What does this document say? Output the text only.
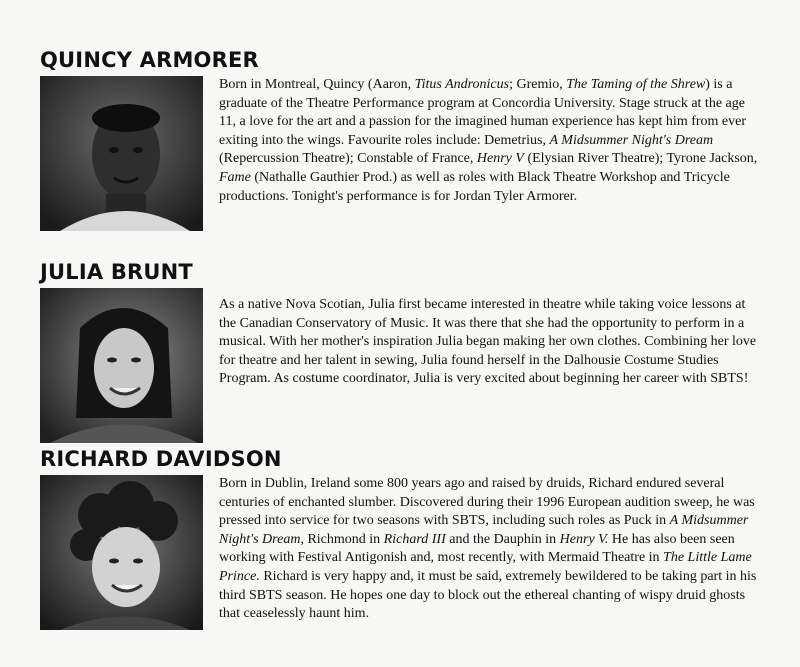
QUINCY ARMORER

Born in Montreal, Quincy (Aaron, Titus Andronicus; Gremio, The Taming of the Shrew) is a graduate of the Theatre Performance program at Concordia University. Stage struck at the age 11, a love for the art and a passion for the imagined human experience has kept him from ever exiting into the wings. Favourite roles include: Demetrius, A Midsummer Night's Dream (Repercussion Theatre); Constable of France, Henry V (Elysian River Theatre); Tyrone Jackson, Fame (Nathalle Gauthier Prod.) as well as roles with Black Theatre Workshop and Tricycle productions. Tonight's performance is for Jordan Tyler Armorer.

JULIA BRUNT

As a native Nova Scotian, Julia first became interested in theatre while taking voice lessons at the Canadian Conservatory of Music. It was there that she had the opportunity to perform in a musical. With her mother's inspiration Julia began making her own clothes. Combining her love for theatre and her talent in sewing, Julia found herself in the Dalhousie Costume Studies Program. As costume coordinator, Julia is very excited about beginning her career with SBTS!

RICHARD DAVIDSON

Born in Dublin, Ireland some 800 years ago and raised by druids, Richard endured several centuries of enchanted slumber. Discovered during their 1996 European audition sweep, he was pressed into service for two seasons with SBTS, including such roles as Puck in A Midsummer Night's Dream, Richmond in Richard III and the Dauphin in Henry V. He has also been seen working with Festival Antigonish and, most recently, with Mermaid Theatre in The Little Lame Prince. Richard is very happy and, it must be said, extremely bewildered to be taking part in his third SBTS season. He hopes one day to block out the ethereal chanting of wispy druid ghosts that ceaselessly haunt him.
